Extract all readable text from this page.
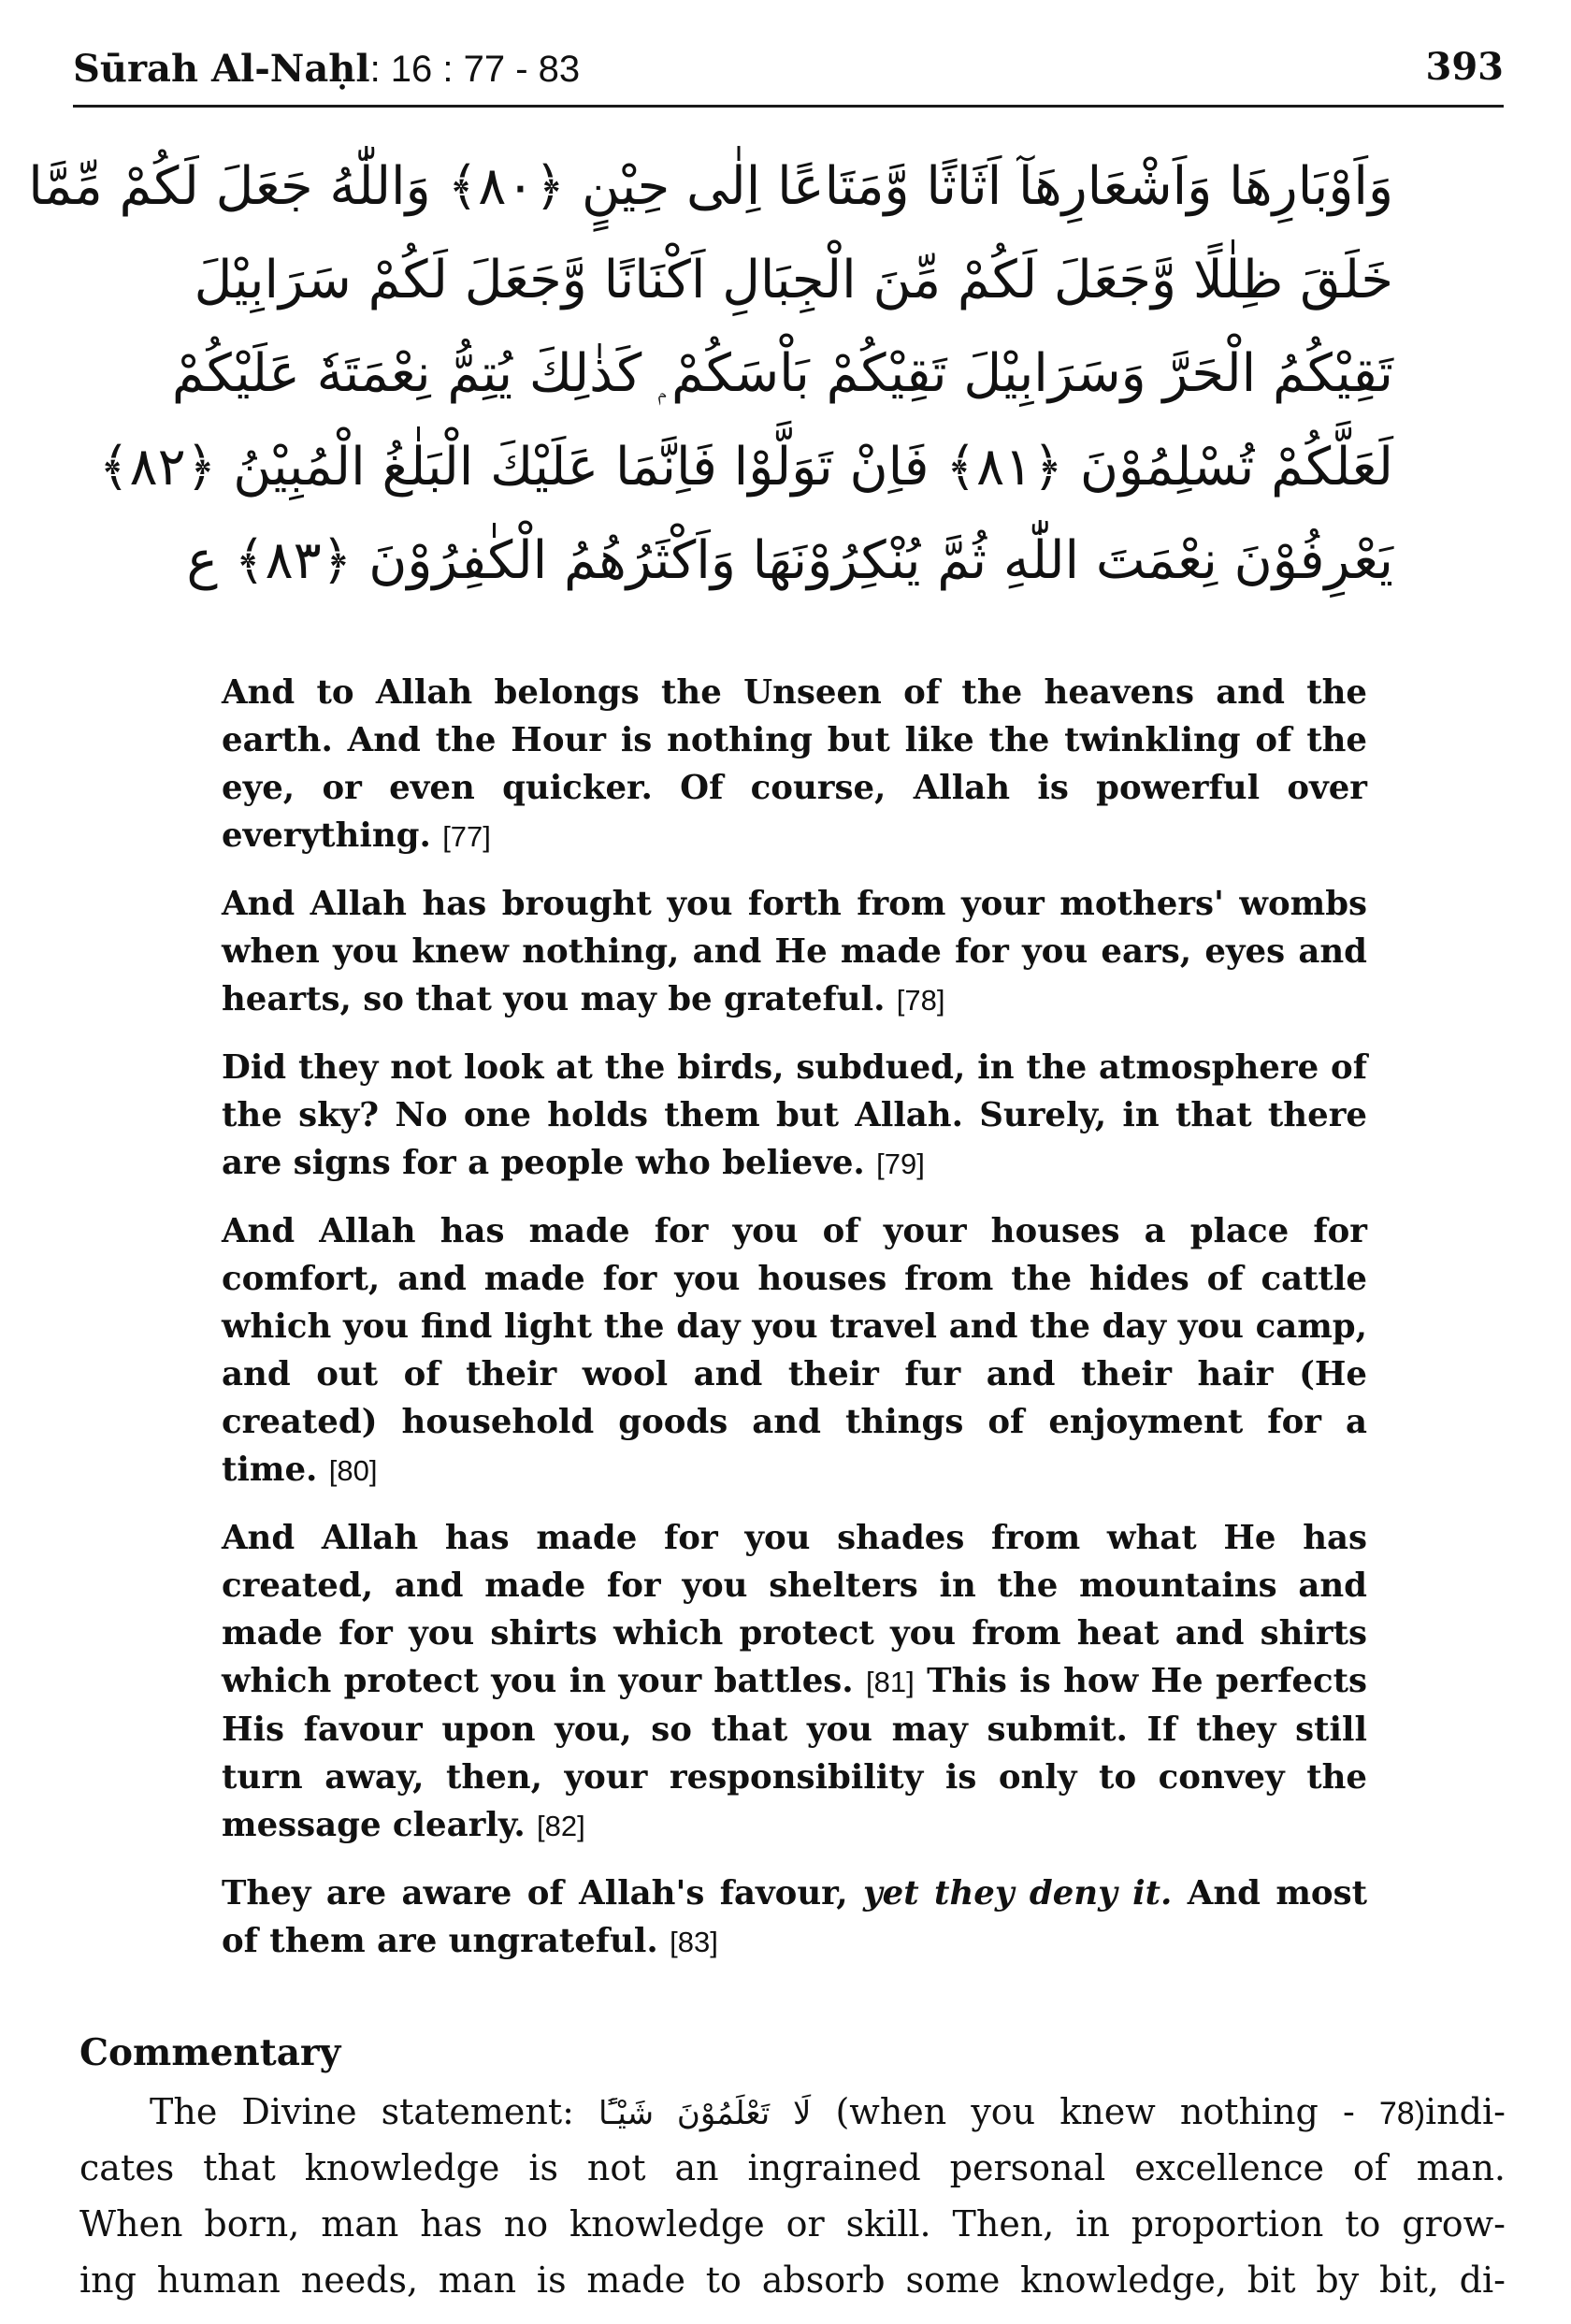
Sūrah Al-Naḥl: 16 : 77 - 83	393
وَاَوْبَارِهَا وَاَشْعَارِهَآ اَثَاثًا وَّمَتَاعًا اِلٰى حِيْنٍ ﴿٨٠﴾ وَاللّٰهُ جَعَلَ لَكُمْ مِّمَّا
خَلَقَ ظِلٰلًا وَّجَعَلَ لَكُمْ مِّنَ الْجِبَالِ اَكْنَانًا وَّجَعَلَ لَكُمْ سَرَابِيْلَ
تَقِيْكُمُ الْحَرَّ وَسَرَابِيْلَ تَقِيْكُمْ بَاْسَكُمْ ۭ كَذٰلِكَ يُتِمُّ نِعْمَتَهٗ عَلَيْكُمْ
لَعَلَّكُمْ تُسْلِمُوْنَ ﴿٨١﴾ فَاِنْ تَوَلَّوْا فَاِنَّمَا عَلَيْكَ الْبَلٰغُ الْمُبِيْنُ ﴿٨٢﴾
يَعْرِفُوْنَ نِعْمَتَ اللّٰهِ ثُمَّ يُنْكِرُوْنَهَا وَاَكْثَرُهُمُ الْكٰفِرُوْنَ ﴿٨٣﴾ ع

And to Allah belongs the Unseen of the heavens and the earth. And the Hour is nothing but like the twinkling of the eye, or even quicker. Of course, Allah is powerful over everything. [77]

And Allah has brought you forth from your mothers' wombs when you knew nothing, and He made for you ears, eyes and hearts, so that you may be grateful. [78]

Did they not look at the birds, subdued, in the atmosphere of the sky? No one holds them but Allah. Surely, in that there are signs for a people who believe. [79]

And Allah has made for you of your houses a place for comfort, and made for you houses from the hides of cattle which you find light the day you travel and the day you camp, and out of their wool and their fur and their hair (He created) household goods and things of enjoyment for a time. [80]

And Allah has made for you shades from what He has created, and made for you shelters in the mountains and made for you shirts which protect you from heat and shirts which protect you in your battles. [81] This is how He perfects His favour upon you, so that you may submit. If they still turn away, then, your responsibility is only to convey the message clearly. [82]

They are aware of Allah's favour, yet they deny it. And most of them are ungrateful. [83]

Commentary
The Divine statement: لَا تَعْلَمُوْنَ شَيْـًٔا (when you knew nothing - 78)indi-
cates that knowledge is not an ingrained personal excellence of man.
When born, man has no knowledge or skill. Then, in proportion to grow-
ing human needs, man is made to absorb some knowledge, bit by bit, di-
